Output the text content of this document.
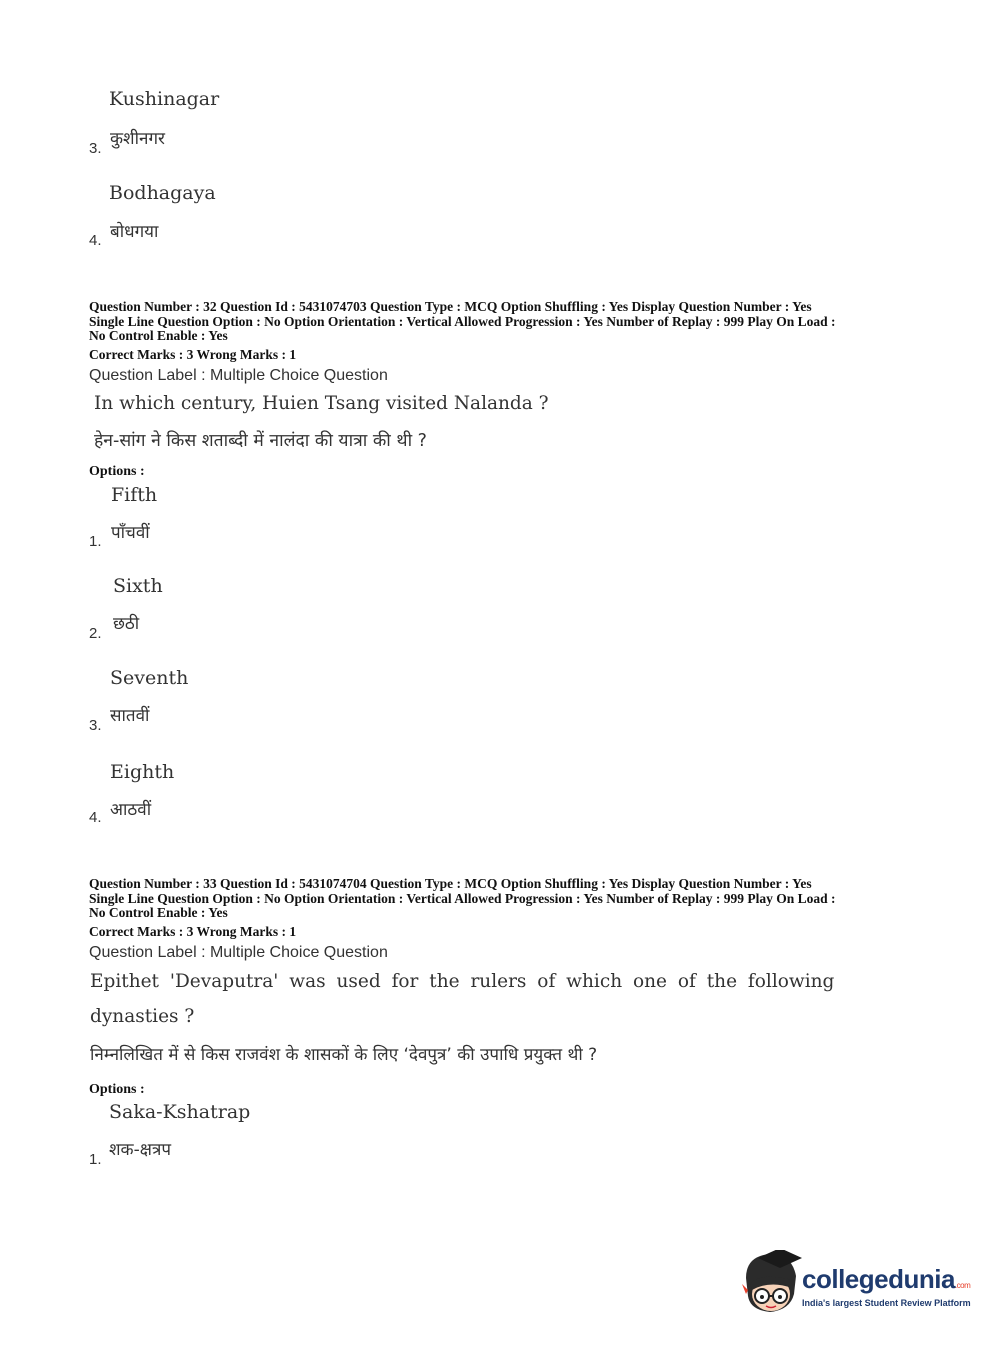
Kushinagar
3. कुशीनगर
Bodhagaya
4. बोधगया
Question Number : 32 Question Id : 5431074703 Question Type : MCQ Option Shuffling : Yes Display Question Number : Yes
Single Line Question Option : No Option Orientation : Vertical Allowed Progression : Yes Number of Replay : 999 Play On Load :
No Control Enable : Yes
Correct Marks : 3 Wrong Marks : 1
Question Label : Multiple Choice Question
In which century, Huien Tsang visited Nalanda ?
हेन-सांग ने किस शताब्दी में नालंदा की यात्रा की थी ?
Options :
Fifth
1. पाँचवीं
Sixth
2. छठी
Seventh
3. सातवीं
Eighth
4. आठवीं
Question Number : 33 Question Id : 5431074704 Question Type : MCQ Option Shuffling : Yes Display Question Number : Yes
Single Line Question Option : No Option Orientation : Vertical Allowed Progression : Yes Number of Replay : 999 Play On Load :
No Control Enable : Yes
Correct Marks : 3 Wrong Marks : 1
Question Label : Multiple Choice Question
Epithet 'Devaputra' was used for the rulers of which one of the following
dynasties ?
निम्नलिखित में से किस राजवंश के शासकों के लिए ‘देवपुत्र’ की उपाधि प्रयुक्त थी ?
Options :
Saka-Kshatrap
1. शक-क्षत्रप
collegedunia.com
India's largest Student Review Platform
